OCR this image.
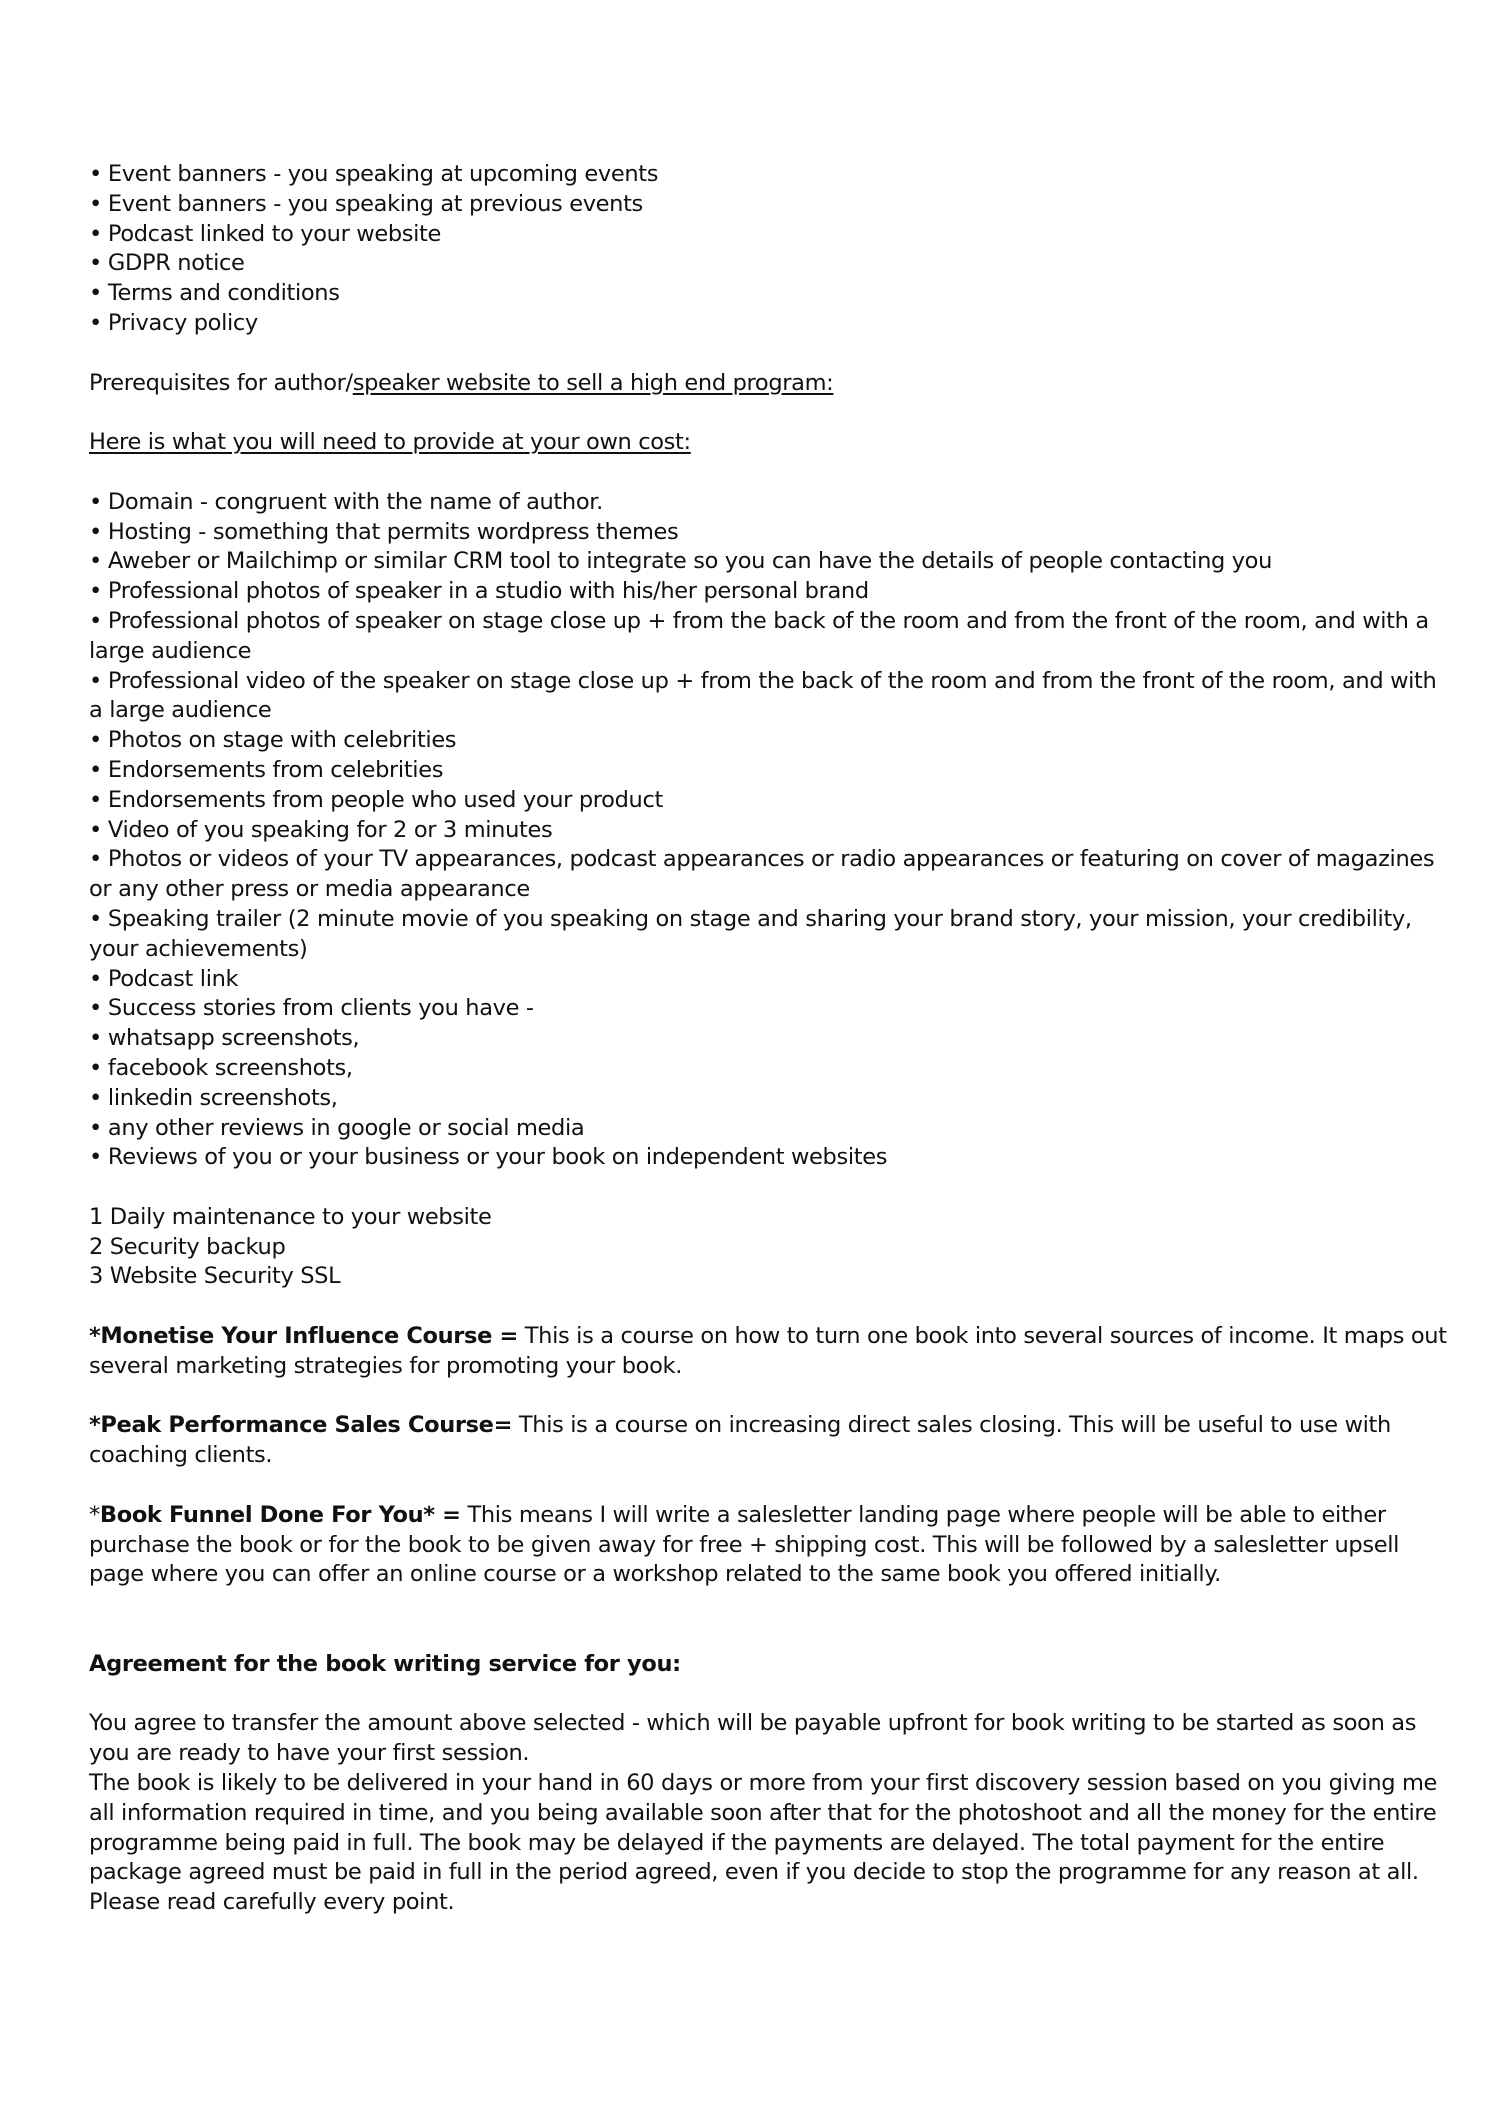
• Event banners - you speaking at upcoming events
• Event banners - you speaking at previous events
• Podcast linked to your website
• GDPR notice
• Terms and conditions
• Privacy policy

Prerequisites for author/speaker website to sell a high end program:

Here is what you will need to provide at your own cost:

• Domain - congruent with the name of author.
• Hosting - something that permits wordpress themes
• Aweber or Mailchimp or similar CRM tool to integrate so you can have the details of people contacting you
• Professional photos of speaker in a studio with his/her personal brand
• Professional photos of speaker on stage close up + from the back of the room and from the front of the room, and with a large audience
• Professional video of the speaker on stage close up + from the back of the room and from the front of the room, and with a large audience
• Photos on stage with celebrities
• Endorsements from celebrities
• Endorsements from people who used your product
• Video of you speaking for 2 or 3 minutes
• Photos or videos of your TV appearances, podcast appearances or radio appearances or featuring on cover of magazines or any other press or media appearance
• Speaking trailer (2 minute movie of you speaking on stage and sharing your brand story, your mission, your credibility, your achievements)
• Podcast link
• Success stories from clients you have -
• whatsapp screenshots,
• facebook screenshots,
• linkedin screenshots,
• any other reviews in google or social media
• Reviews of you or your business or your book on independent websites
1 Daily maintenance to your website
2 Security backup
3 Website Security SSL

*Monetise Your Influence Course = This is a course on how to turn one book into several sources of income. It maps out several marketing strategies for promoting your book.

*Peak Performance Sales Course= This is a course on increasing direct sales closing. This will be useful to use with coaching clients.

*Book Funnel Done For You* = This means I will write a salesletter landing page where people will be able to either purchase the book or for the book to be given away for free + shipping cost. This will be followed by a salesletter upsell page where you can offer an online course or a workshop related to the same book you offered initially.

Agreement for the book writing service for you:

You agree to transfer the amount above selected - which will be payable upfront for book writing to be started as soon as you are ready to have your first session.

The book is likely to be delivered in your hand in 60 days or more from your first discovery session based on you giving me all information required in time, and you being available soon after that for the photoshoot and all the money for the entire programme being paid in full. The book may be delayed if the payments are delayed. The total payment for the entire package agreed must be paid in full in the period agreed, even if you decide to stop the programme for any reason at all. Please read carefully every point.
